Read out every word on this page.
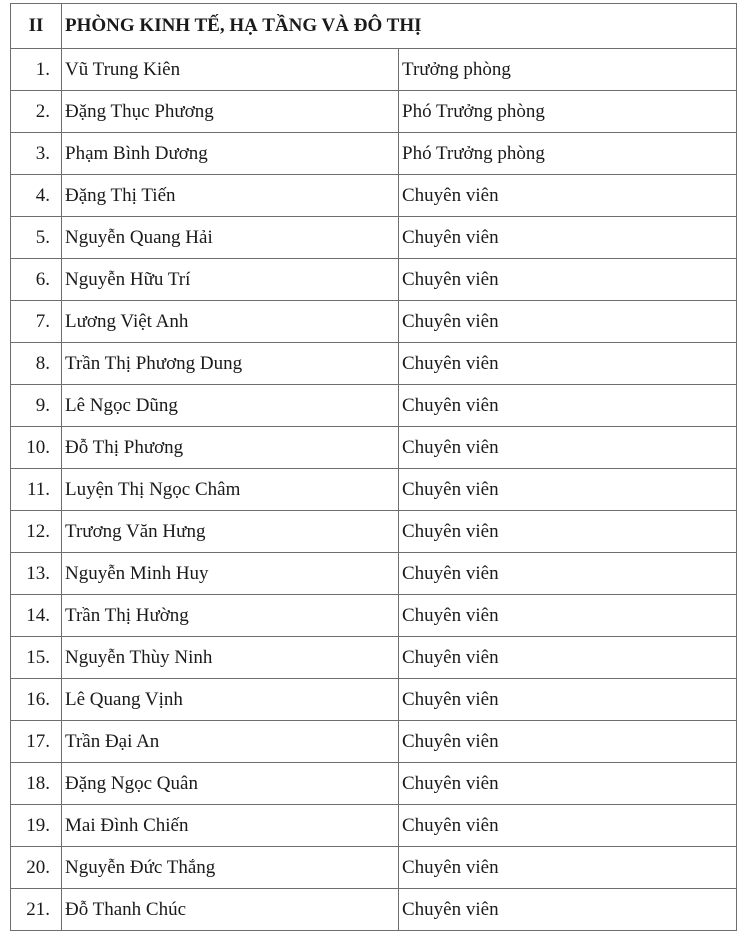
II	PHÒNG KINH TẾ, HẠ TẦNG VÀ ĐÔ THỊ	
1.	Vũ Trung Kiên	Trưởng phòng
2.	Đặng Thục Phương	Phó Trưởng phòng
3.	Phạm Bình Dương	Phó Trưởng phòng
4.	Đặng Thị Tiến	Chuyên viên
5.	Nguyễn Quang Hải	Chuyên viên
6.	Nguyễn Hữu Trí	Chuyên viên
7.	Lương Việt Anh	Chuyên viên
8.	Trần Thị Phương Dung	Chuyên viên
9.	Lê Ngọc Dũng	Chuyên viên
10.	Đỗ Thị Phương	Chuyên viên
11.	Luyện Thị Ngọc Châm	Chuyên viên
12.	Trương Văn Hưng	Chuyên viên
13.	Nguyễn Minh Huy	Chuyên viên
14.	Trần Thị Hường	Chuyên viên
15.	Nguyễn Thùy Ninh	Chuyên viên
16.	Lê Quang Vịnh	Chuyên viên
17.	Trần Đại An	Chuyên viên
18.	Đặng Ngọc Quân	Chuyên viên
19.	Mai Đình Chiến	Chuyên viên
20.	Nguyễn Đức Thắng	Chuyên viên
21.	Đỗ Thanh Chúc	Chuyên viên
